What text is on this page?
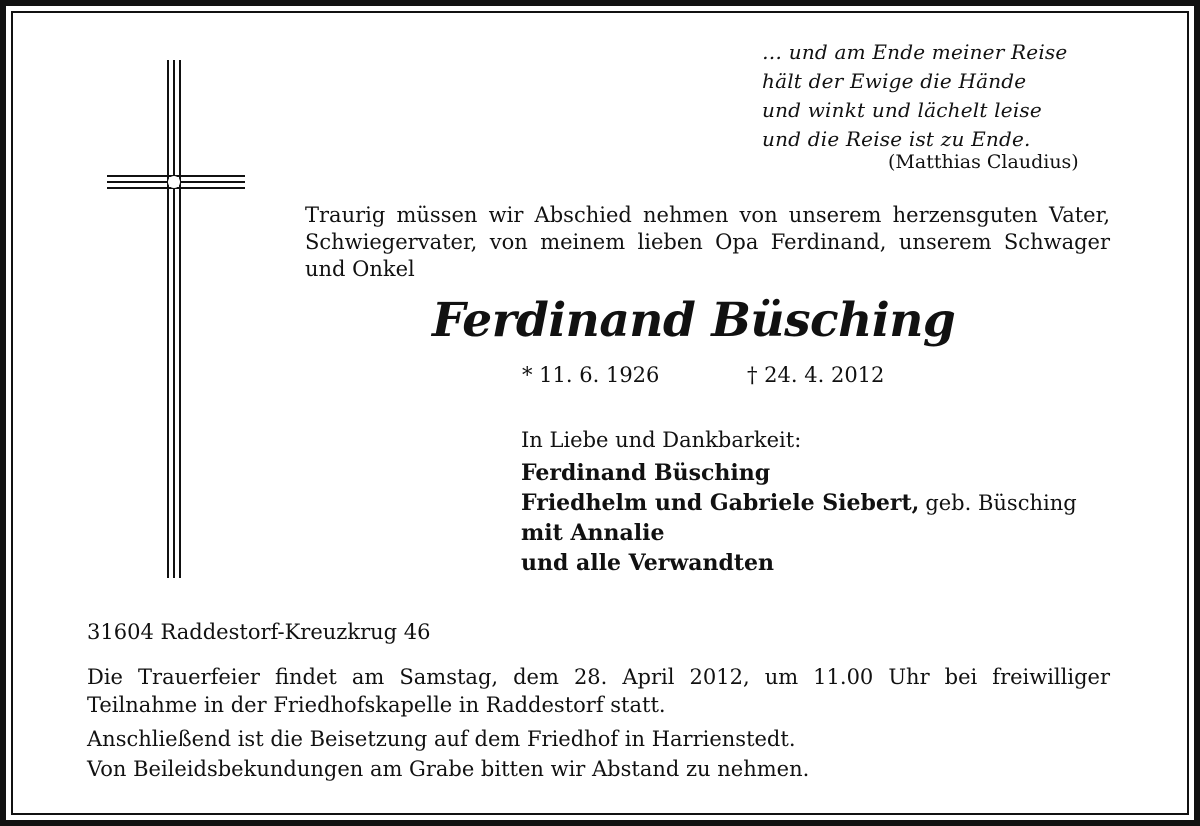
… und am Ende meiner Reise
hält der Ewige die Hände
und winkt und lächelt leise
und die Reise ist zu Ende.
(Matthias Claudius)
Traurig müssen wir Abschied nehmen von unserem herzensguten Vater, Schwiegervater, von meinem lieben Opa Ferdinand, unserem Schwager und Onkel
Ferdinand Büsching
* 11. 6. 1926	† 24. 4. 2012
In Liebe und Dankbarkeit:
Ferdinand Büsching
Friedhelm und Gabriele Siebert, geb. Büsching
mit Annalie
und alle Verwandten
31604 Raddestorf-Kreuzkrug 46

Die Trauerfeier findet am Samstag, dem 28. April 2012, um 11.00 Uhr bei freiwilliger Teilnahme in der Friedhofskapelle in Raddestorf statt.

Anschließend ist die Beisetzung auf dem Friedhof in Harrienstedt.

Von Beileidsbekundungen am Grabe bitten wir Abstand zu nehmen.
